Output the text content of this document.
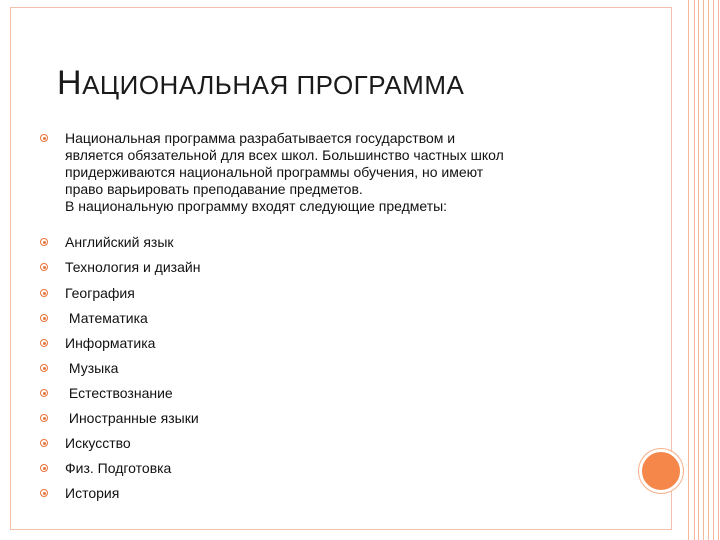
НАЦИОНАЛЬНАЯ ПРОГРАММА
Национальная программа разрабатывается государством и
является обязательной для всех школ. Большинство частных школ
придерживаются национальной программы обучения, но имеют
право варьировать преподавание предметов.
В национальную программу входят следующие предметы:
Английский язык
Технология и дизайн
География
Математика
Информатика
Музыка
Естествознание
Иностранные языки
Искусство
Физ. Подготовка
История
